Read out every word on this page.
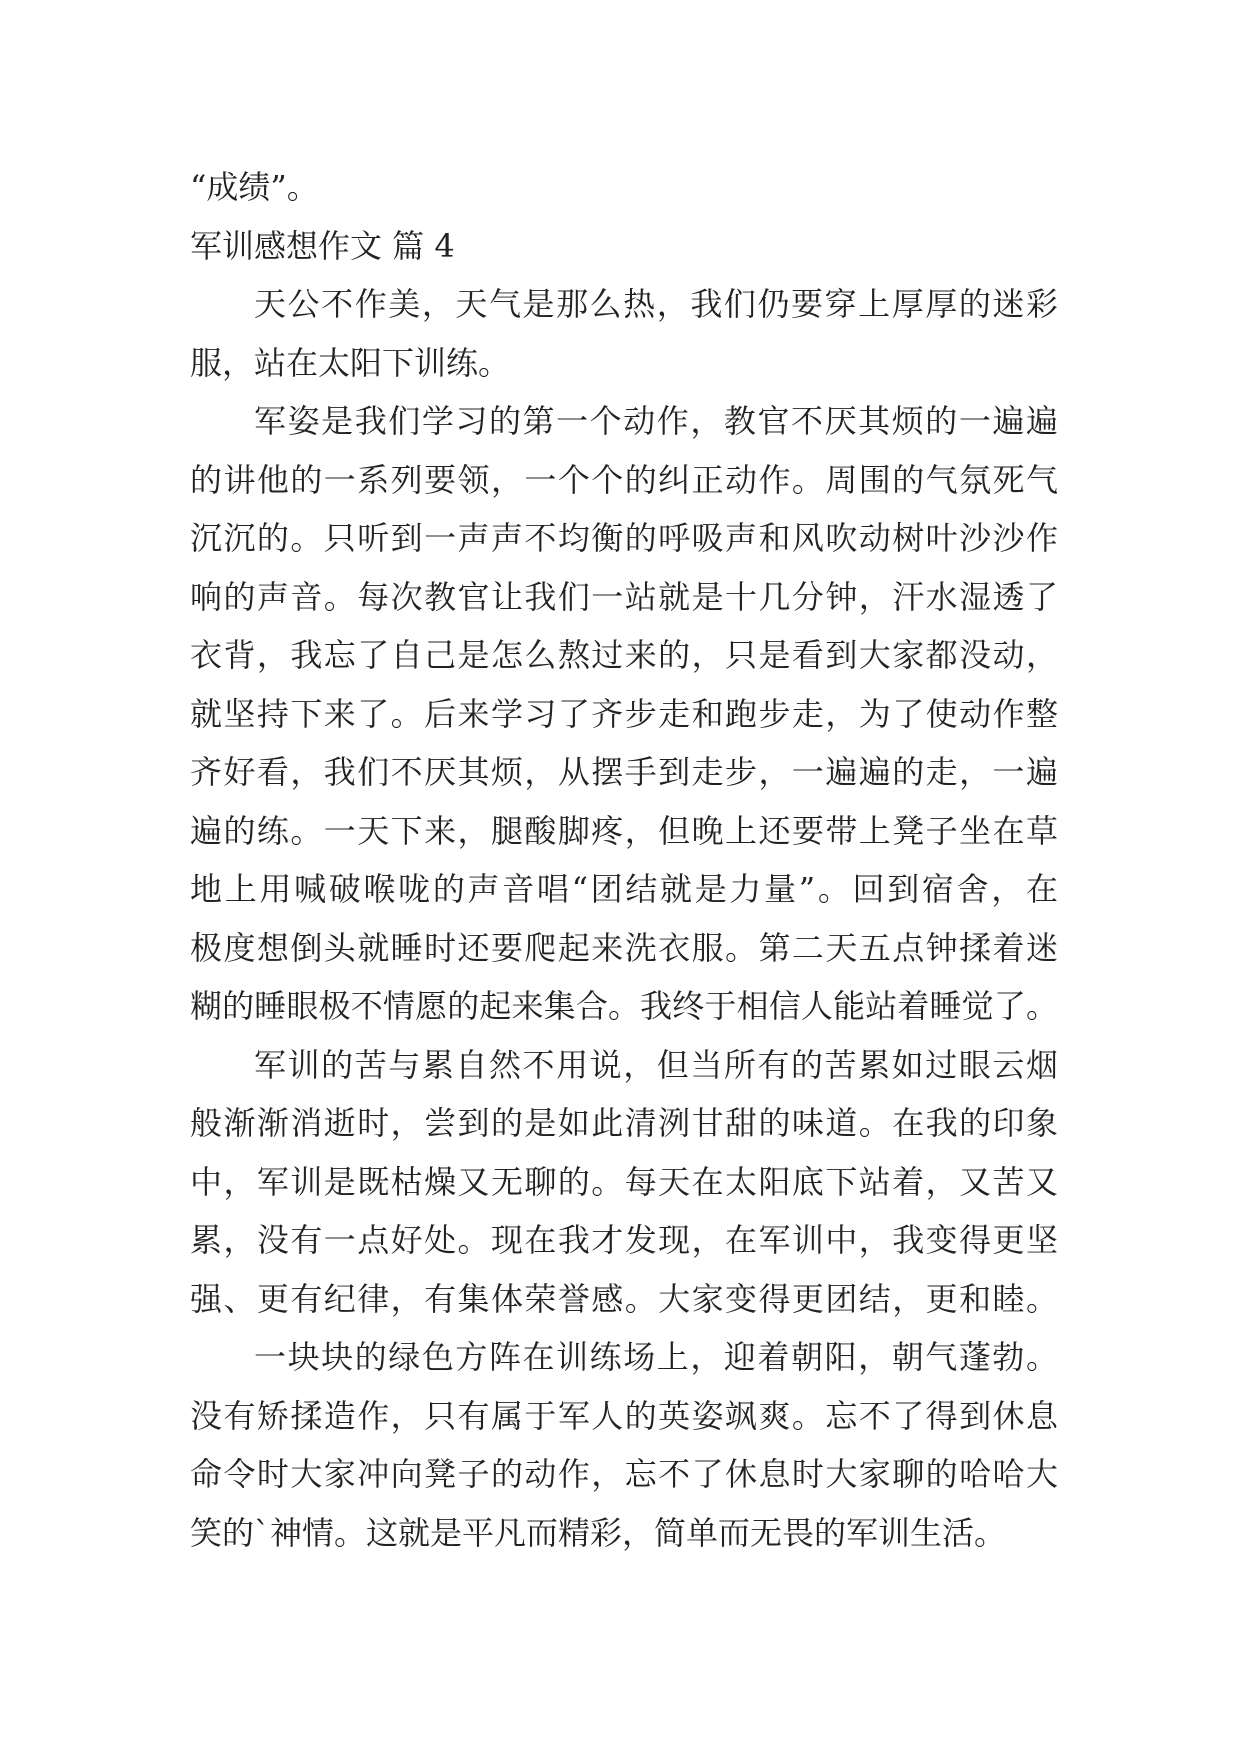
“成绩”。
军训感想作文 篇 4
天公不作美，天气是那么热，我们仍要穿上厚厚的迷彩
服，站在太阳下训练。
军姿是我们学习的第一个动作，教官不厌其烦的一遍遍
的讲他的一系列要领，一个个的纠正动作。周围的气氛死气
沉沉的。只听到一声声不均衡的呼吸声和风吹动树叶沙沙作
响的声音。每次教官让我们一站就是十几分钟，汗水湿透了
衣背，我忘了自己是怎么熬过来的，只是看到大家都没动，
就坚持下来了。后来学习了齐步走和跑步走，为了使动作整
齐好看，我们不厌其烦，从摆手到走步，一遍遍的走，一遍
遍的练。一天下来，腿酸脚疼，但晚上还要带上凳子坐在草
地上用喊破喉咙的声音唱“团结就是力量”。回到宿舍，在
极度想倒头就睡时还要爬起来洗衣服。第二天五点钟揉着迷
糊的睡眼极不情愿的起来集合。我终于相信人能站着睡觉了。
军训的苦与累自然不用说，但当所有的苦累如过眼云烟
般渐渐消逝时，尝到的是如此清洌甘甜的味道。在我的印象
中，军训是既枯燥又无聊的。每天在太阳底下站着，又苦又
累，没有一点好处。现在我才发现，在军训中，我变得更坚
强、更有纪律，有集体荣誉感。大家变得更团结，更和睦。
一块块的绿色方阵在训练场上，迎着朝阳，朝气蓬勃。
没有矫揉造作，只有属于军人的英姿飒爽。忘不了得到休息
命令时大家冲向凳子的动作，忘不了休息时大家聊的哈哈大
笑的`神情。这就是平凡而精彩，简单而无畏的军训生活。
